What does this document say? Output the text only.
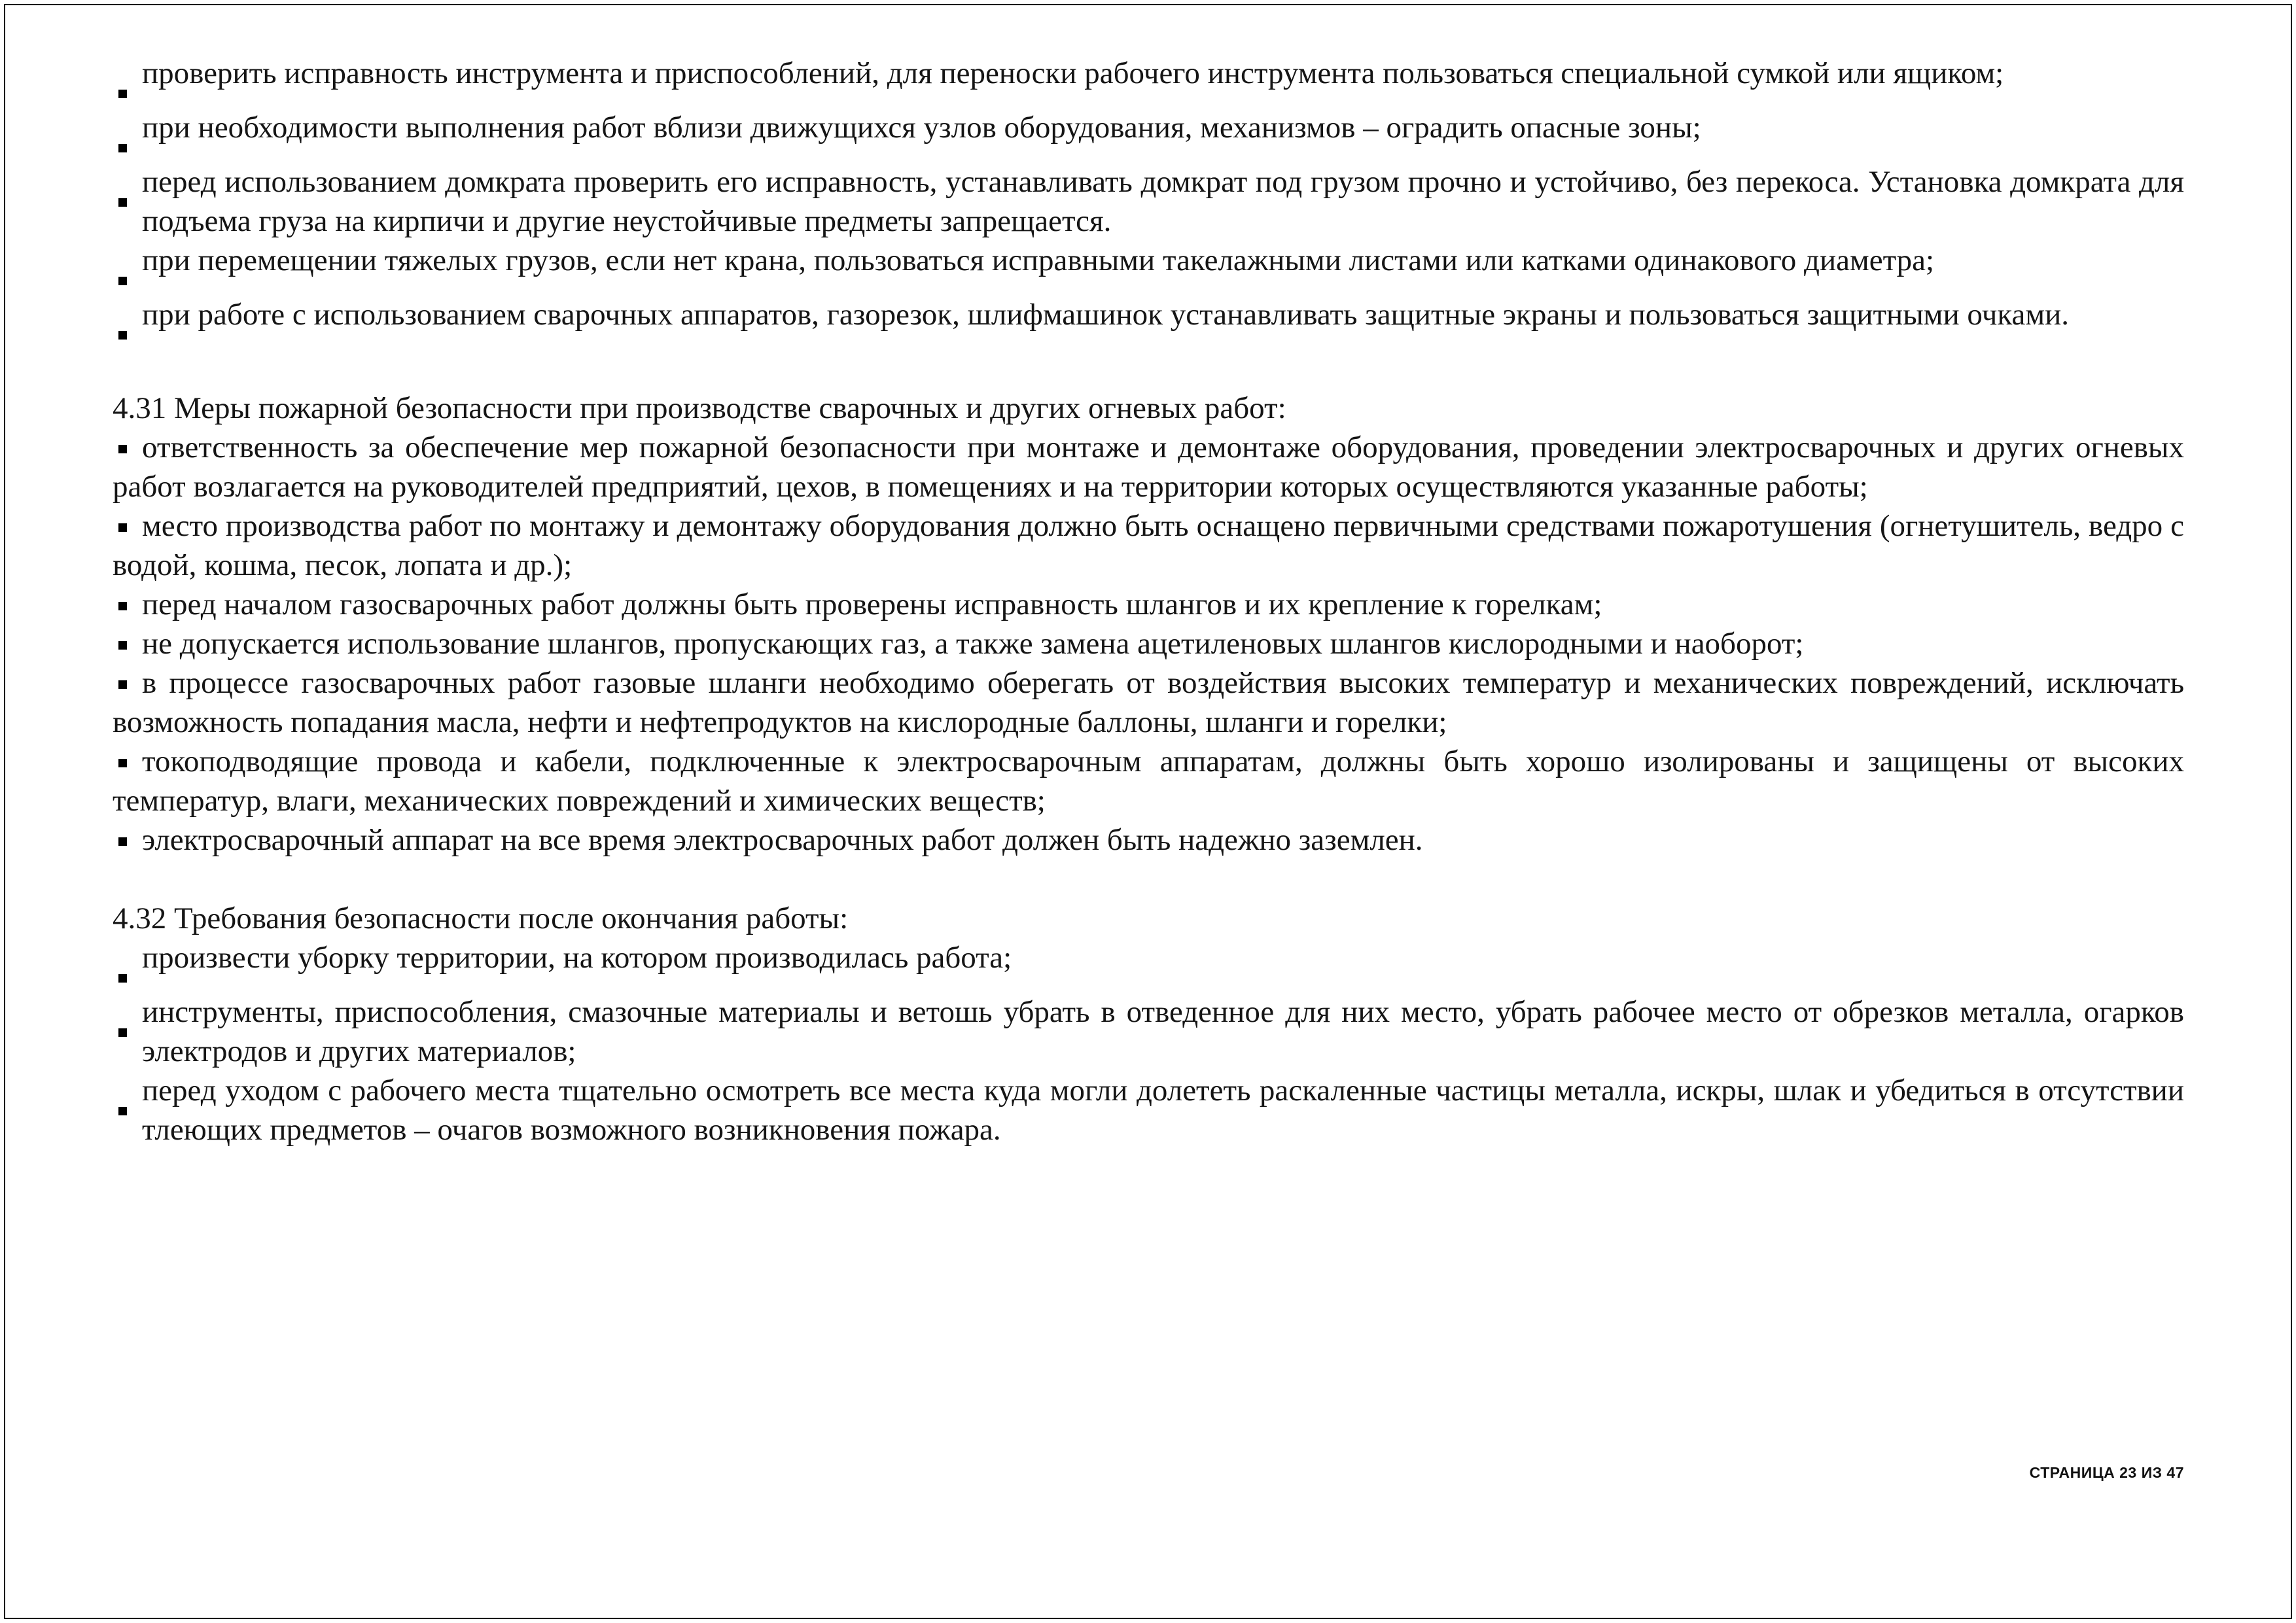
проверить исправность инструмента и приспособлений, для переноски рабочего инструмента пользоваться специальной сумкой или ящиком;
при необходимости выполнения работ вблизи движущихся узлов оборудования, механизмов – оградить опасные зоны;
перед использованием домкрата проверить его исправность, устанавливать домкрат под грузом прочно и устойчиво, без перекоса. Установка домкрата для подъема груза на кирпичи и другие неустойчивые предметы запрещается.
при перемещении тяжелых грузов, если нет крана, пользоваться исправными такелажными листами или катками одинакового диаметра;
при работе с использованием сварочных аппаратов, газорезок, шлифмашинок устанавливать защитные экраны и пользоваться защитными очками.

4.31 Меры пожарной безопасности при производстве сварочных и других огневых работ:

ответственность за обеспечение мер пожарной безопасности при монтаже и демонтаже оборудования, проведении электросварочных и других огневых работ возлагается на руководителей предприятий, цехов, в помещениях и на территории которых осуществляются указанные работы;

место производства работ по монтажу и демонтажу оборудования должно быть оснащено первичными средствами пожаротушения (огнетушитель, ведро с водой, кошма, песок, лопата и др.);

перед началом газосварочных работ должны быть проверены исправность шлангов и их крепление к горелкам;

не допускается использование шлангов, пропускающих газ, а также замена ацетиленовых шлангов кислородными и наоборот;

в процессе газосварочных работ газовые шланги необходимо оберегать от воздействия высоких температур и механических повреждений, исключать возможность попадания масла, нефти и нефтепродуктов на кислородные баллоны, шланги и горелки;

токоподводящие провода и кабели, подключенные к электросварочным аппаратам, должны быть хорошо изолированы и защищены от высоких температур, влаги, механических повреждений и химических веществ;

электросварочный аппарат на все время электросварочных работ должен быть надежно заземлен.

4.32 Требования безопасности после окончания работы:

произвести уборку территории, на котором производилась работа;
инструменты, приспособления, смазочные материалы и ветошь убрать в отведенное для них место, убрать рабочее место от обрезков металла, огарков электродов и других материалов;
перед уходом с рабочего места тщательно осмотреть все места куда могли долететь раскаленные частицы металла, искры, шлак и убедиться в отсутствии тлеющих предметов – очагов возможного возникновения пожара.
СТРАНИЦА 23 ИЗ 47
